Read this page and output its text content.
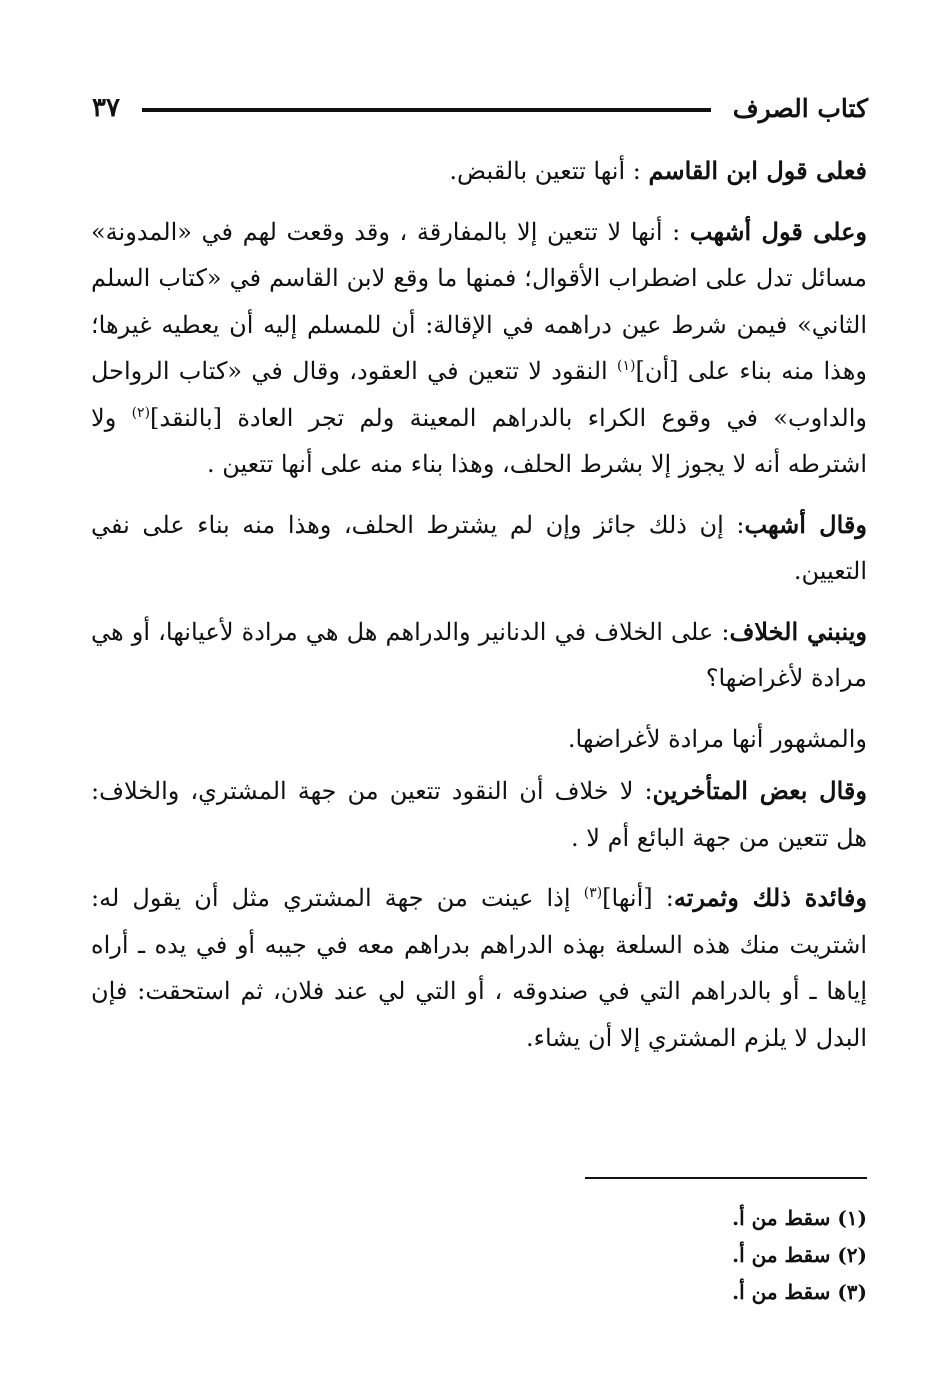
كتاب الصرف
٣٧

فعلى قول ابن القاسم : أنها تتعين بالقبض.

وعلى قول أشهب : أنها لا تتعين إلا بالمفارقة ، وقد وقعت لهم في «المدونة» مسائل تدل على اضطراب الأقوال؛ فمنها ما وقع لابن القاسم في «كتاب السلم الثاني» فيمن شرط عين دراهمه في الإقالة: أن للمسلم إليه أن يعطيه غيرها؛ وهذا منه بناء على [أن]$^{(١)}$ النقود لا تتعين في العقود، وقال في «كتاب الرواحل والداوب» في وقوع الكراء بالدراهم المعينة ولم تجر العادة [بالنقد]$^{(٢)}$ ولا اشترطه أنه لا يجوز إلا بشرط الحلف، وهذا بناء منه على أنها تتعين .

وقال أشهب: إن ذلك جائز وإن لم يشترط الحلف، وهذا منه بناء على نفي التعيين.

وينبني الخلاف: على الخلاف في الدنانير والدراهم هل هي مرادة لأعيانها، أو هي مرادة لأغراضها؟

والمشهور أنها مرادة لأغراضها.

وقال بعض المتأخرين: لا خلاف أن النقود تتعين من جهة المشتري، والخلاف: هل تتعين من جهة البائع أم لا .

وفائدة ذلك وثمرته: [أنها]$^{(٣)}$ إذا عينت من جهة المشتري مثل أن يقول له: اشتريت منك هذه السلعة بهذه الدراهم بدراهم معه في جيبه أو في يده ـ أراه إياها ـ أو بالدراهم التي في صندوقه ، أو التي لي عند فلان، ثم استحقت: فإن البدل لا يلزم المشتري إلا أن يشاء.

(١) سقط من أ.
(٢) سقط من أ.
(٣) سقط من أ.
